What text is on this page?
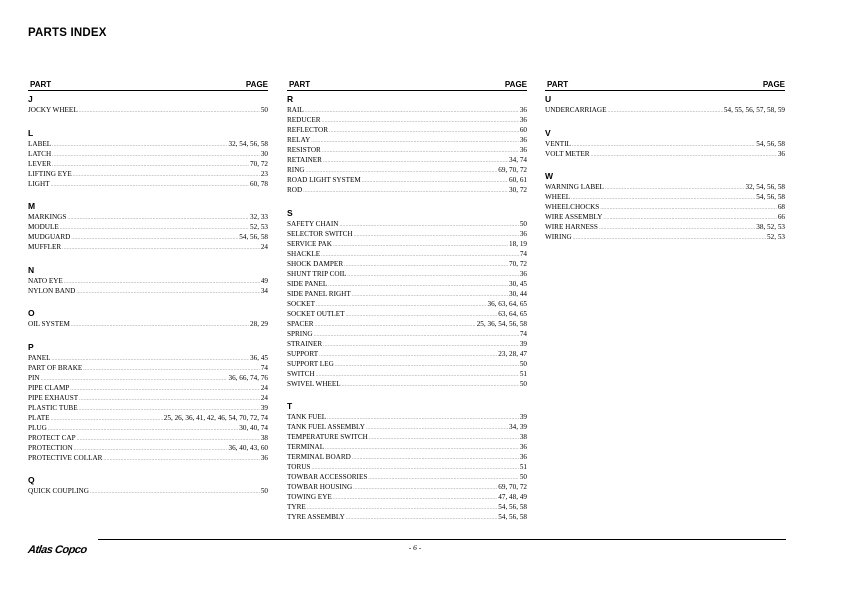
PARTS INDEX
PART	PAGE
J
JOCKY WHEEL .....	50
L
LABEL .....	32, 54, 56, 58
LATCH .....	30
LEVER .....	70, 72
LIFTING EYE .....	23
LIGHT .....	60, 78
M
MARKINGS .....	32, 33
MODULE .....	52, 53
MUDGUARD .....	54, 56, 58
MUFFLER .....	24
N
NATO EYE .....	49
NYLON BAND .....	34
O
OIL SYSTEM .....	28, 29
P
PANEL .....	36, 45
PART OF BRAKE .....	74
PIN .....	36, 66, 74, 76
PIPE CLAMP .....	24
PIPE EXHAUST .....	24
PLASTIC TUBE .....	39
PLATE .....	25, 26, 36, 41, 42, 46, 54, 70, 72, 74
PLUG .....	30, 40, 74
PROTECT CAP .....	38
PROTECTION .....	36, 40, 43, 60
PROTECTIVE COLLAR .....	36
Q
QUICK COUPLING .....	50
PART	PAGE
R
RAIL .....	36
REDUCER .....	36
REFLECTOR .....	60
RELAY .....	36
RESISTOR .....	36
RETAINER .....	34, 74
RING .....	69, 70, 72
ROAD LIGHT SYSTEM .....	60, 61
ROD .....	30, 72
S
SAFETY CHAIN .....	50
SELECTOR SWITCH .....	36
SERVICE PAK .....	18, 19
SHACKLE .....	74
SHOCK DAMPER .....	70, 72
SHUNT TRIP COIL .....	36
SIDE PANEL .....	30, 45
SIDE PANEL RIGHT .....	30, 44
SOCKET .....	36, 63, 64, 65
SOCKET OUTLET .....	63, 64, 65
SPACER .....	25, 36, 54, 56, 58
SPRING .....	74
STRAINER .....	39
SUPPORT .....	23, 28, 47
SUPPORT LEG .....	50
SWITCH .....	51
SWIVEL WHEEL .....	50
T
TANK FUEL .....	39
TANK FUEL ASSEMBLY .....	34, 39
TEMPERATURE SWITCH .....	38
TERMINAL .....	36
TERMINAL BOARD .....	36
TORUS .....	51
TOWBAR ACCESSORIES .....	50
TOWBAR HOUSING .....	69, 70, 72
TOWING EYE .....	47, 48, 49
TYRE .....	54, 56, 58
TYRE ASSEMBLY .....	54, 56, 58
PART	PAGE
U
UNDERCARRIAGE .....	54, 55, 56, 57, 58, 59
V
VENTIL .....	54, 56, 58
VOLT METER .....	36
W
WARNING LABEL .....	32, 54, 56, 58
WHEEL .....	54, 56, 58
WHEELCHOCKS .....	68
WIRE ASSEMBLY .....	66
WIRE HARNESS .....	38, 52, 53
WIRING .....	52, 53
Atlas Copco	- 6 -
